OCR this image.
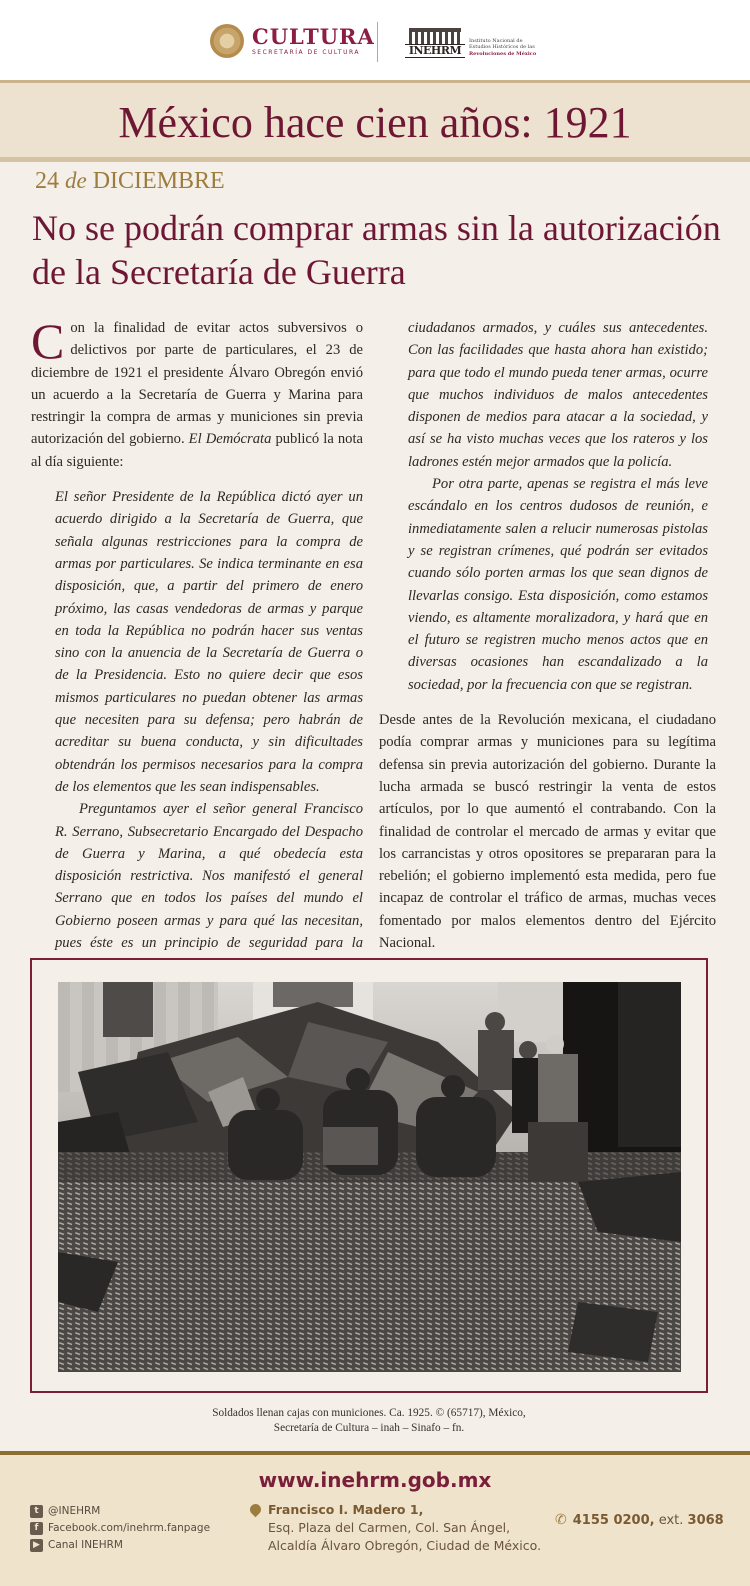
CULTURA
SECRETARÍA DE CULTURA	INEHRM
Instituto Nacional de
Estudios Históricos de las
Revoluciones de México
México hace cien años: 1921
24 de DICIEMBRE
No se podrán comprar armas sin la autorización de la Secretaría de Guerra

Con la finalidad de evitar actos subversivos o delictivos por parte de particulares, el 23 de diciembre de 1921 el presidente Álvaro Obregón envió un acuerdo a la Secretaría de Guerra y Marina para restringir la compra de armas y municiones sin previa autorización del gobierno. El Demócrata publicó la nota al día siguiente:

El señor Presidente de la República dictó ayer un acuerdo dirigido a la Secretaría de Guerra, que señala algunas restricciones para la compra de armas por particulares. Se indica terminante en esa disposición, que, a partir del primero de enero próximo, las casas vendedoras de armas y parque en toda la República no podrán hacer sus ventas sino con la anuencia de la Secretaría de Guerra o de la Presidencia. Esto no quiere decir que esos mismos particulares no puedan obtener las armas que necesiten para su defensa; pero habrán de acreditar su buena conducta, y sin dificultades obtendrán los permisos necesarios para la compra de los elementos que les sean indispensables.

Preguntamos ayer el señor general Francisco R. Serrano, Subsecretario Encargado del Despacho de Guerra y Marina, a qué obedecía esta disposición restrictiva. Nos manifestó el general Serrano que en todos los países del mundo el Gobierno poseen armas y para qué las necesitan, pues éste es un principio de seguridad para la

ciudadanos armados, y cuáles sus antecedentes. Con las facilidades que hasta ahora han existido; para que todo el mundo pueda tener armas, ocurre que muchos individuos de malos antecedentes disponen de medios para atacar a la sociedad, y así se ha visto muchas veces que los rateros y los ladrones estén mejor armados que la policía.

Por otra parte, apenas se registra el más leve escándalo en los centros dudosos de reunión, e inmediatamente salen a relucir numerosas pistolas y se registran crímenes, qué podrán ser evitados cuando sólo porten armas los que sean dignos de llevarlas consigo. Esta disposición, como estamos viendo, es altamente moralizadora, y hará que en el futuro se registren mucho menos actos que en diversas ocasiones han escandalizado a la sociedad, por la frecuencia con que se registran.

Desde antes de la Revolución mexicana, el ciudadano podía comprar armas y municiones para su legítima defensa sin previa autorización del gobierno. Durante la lucha armada se buscó restringir la venta de estos artículos, por lo que aumentó el contrabando. Con la finalidad de controlar el mercado de armas y evitar que los carrancistas y otros opositores se prepararan para la rebelión; el gobierno implementó esta medida, pero fue incapaz de controlar el tráfico de armas, muchas veces fomentado por malos elementos dentro del Ejército Nacional.

Soldados llenan cajas con municiones. Ca. 1925. © (65717), México,
Secretaría de Cultura – inah – Sinafo – fn.
www.inehrm.gob.mx
t @INEHRM
f Facebook.com/inehrm.fanpage
▶ Canal INEHRM
Francisco I. Madero 1,
Esq. Plaza del Carmen, Col. San Ángel,
Alcaldía Álvaro Obregón, Ciudad de México.
✆ 4155 0200,
ext.
3068
